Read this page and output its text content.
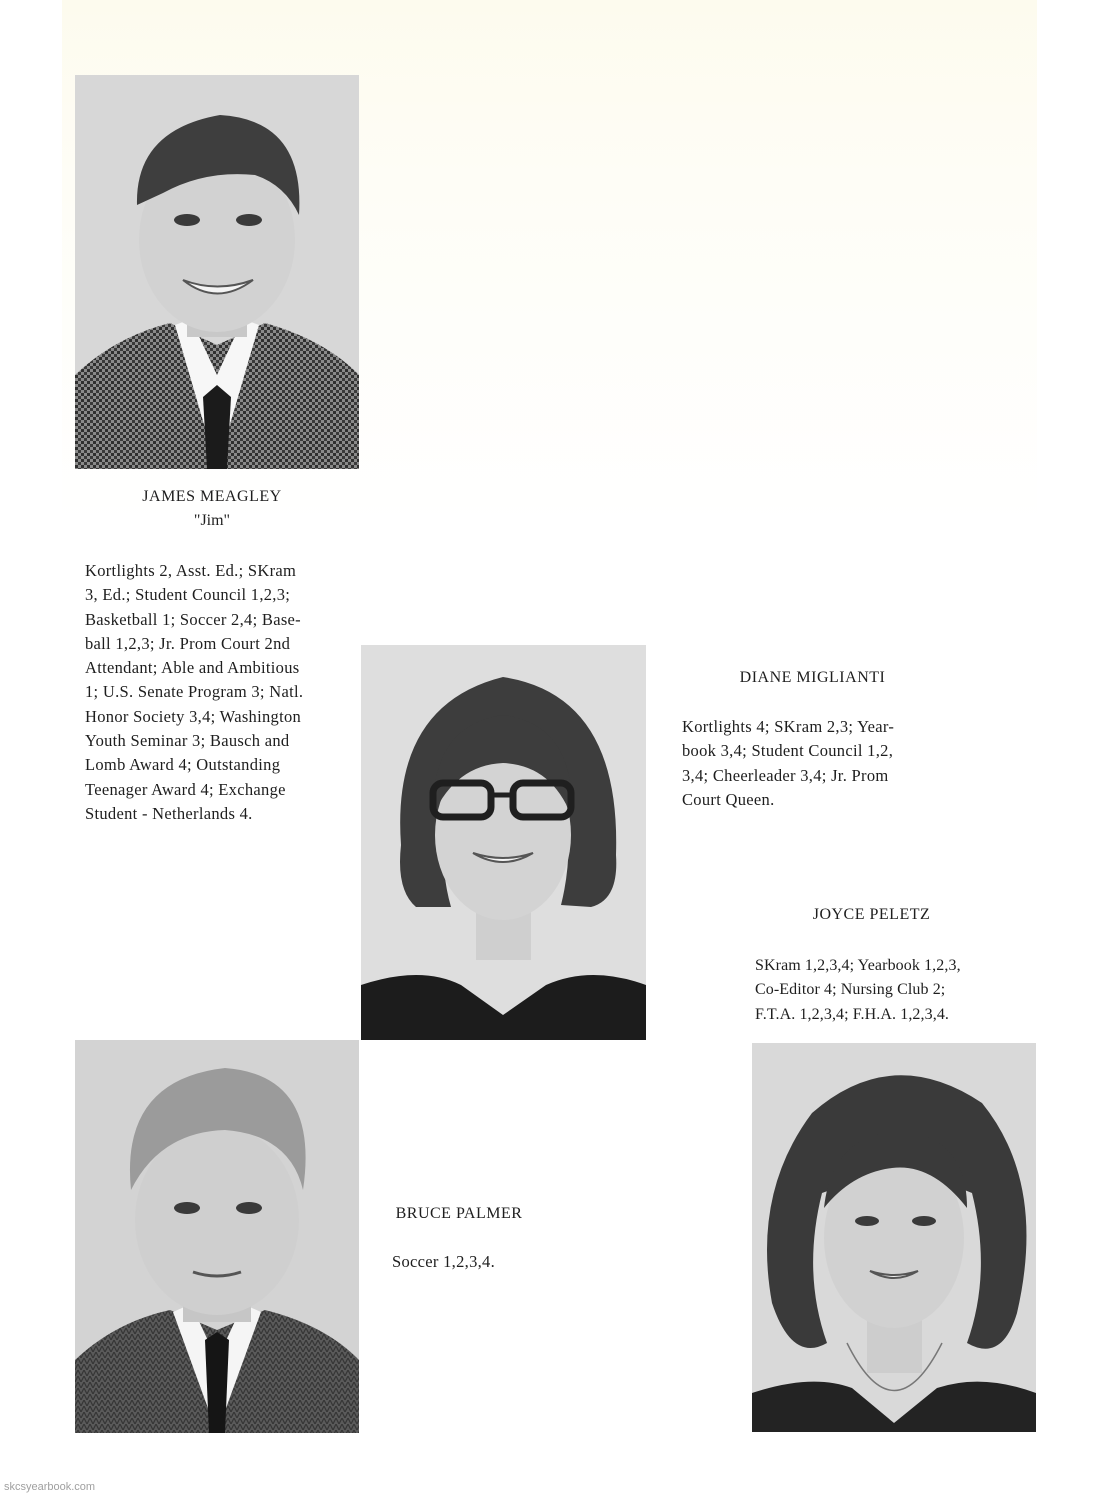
JAMES MEAGLEY
"Jim"
Kortlights 2, Asst. Ed.; SKram
3, Ed.; Student Council 1,2,3;
Basketball 1; Soccer 2,4; Base-
ball 1,2,3; Jr. Prom Court 2nd
Attendant; Able and Ambitious
1; U.S. Senate Program 3; Natl.
Honor Society 3,4; Washington
Youth Seminar 3; Bausch and
Lomb Award 4; Outstanding
Teenager Award 4; Exchange
Student - Netherlands 4.
DIANE MIGLIANTI
Kortlights 4; SKram 2,3; Year-
book 3,4; Student Council 1,2,
3,4; Cheerleader 3,4; Jr. Prom
Court Queen.
JOYCE PELETZ
SKram 1,2,3,4; Yearbook 1,2,3,
Co-Editor 4; Nursing Club 2;
F.T.A. 1,2,3,4; F.H.A. 1,2,3,4.
BRUCE PALMER
Soccer 1,2,3,4.
skcsyearbook.com
